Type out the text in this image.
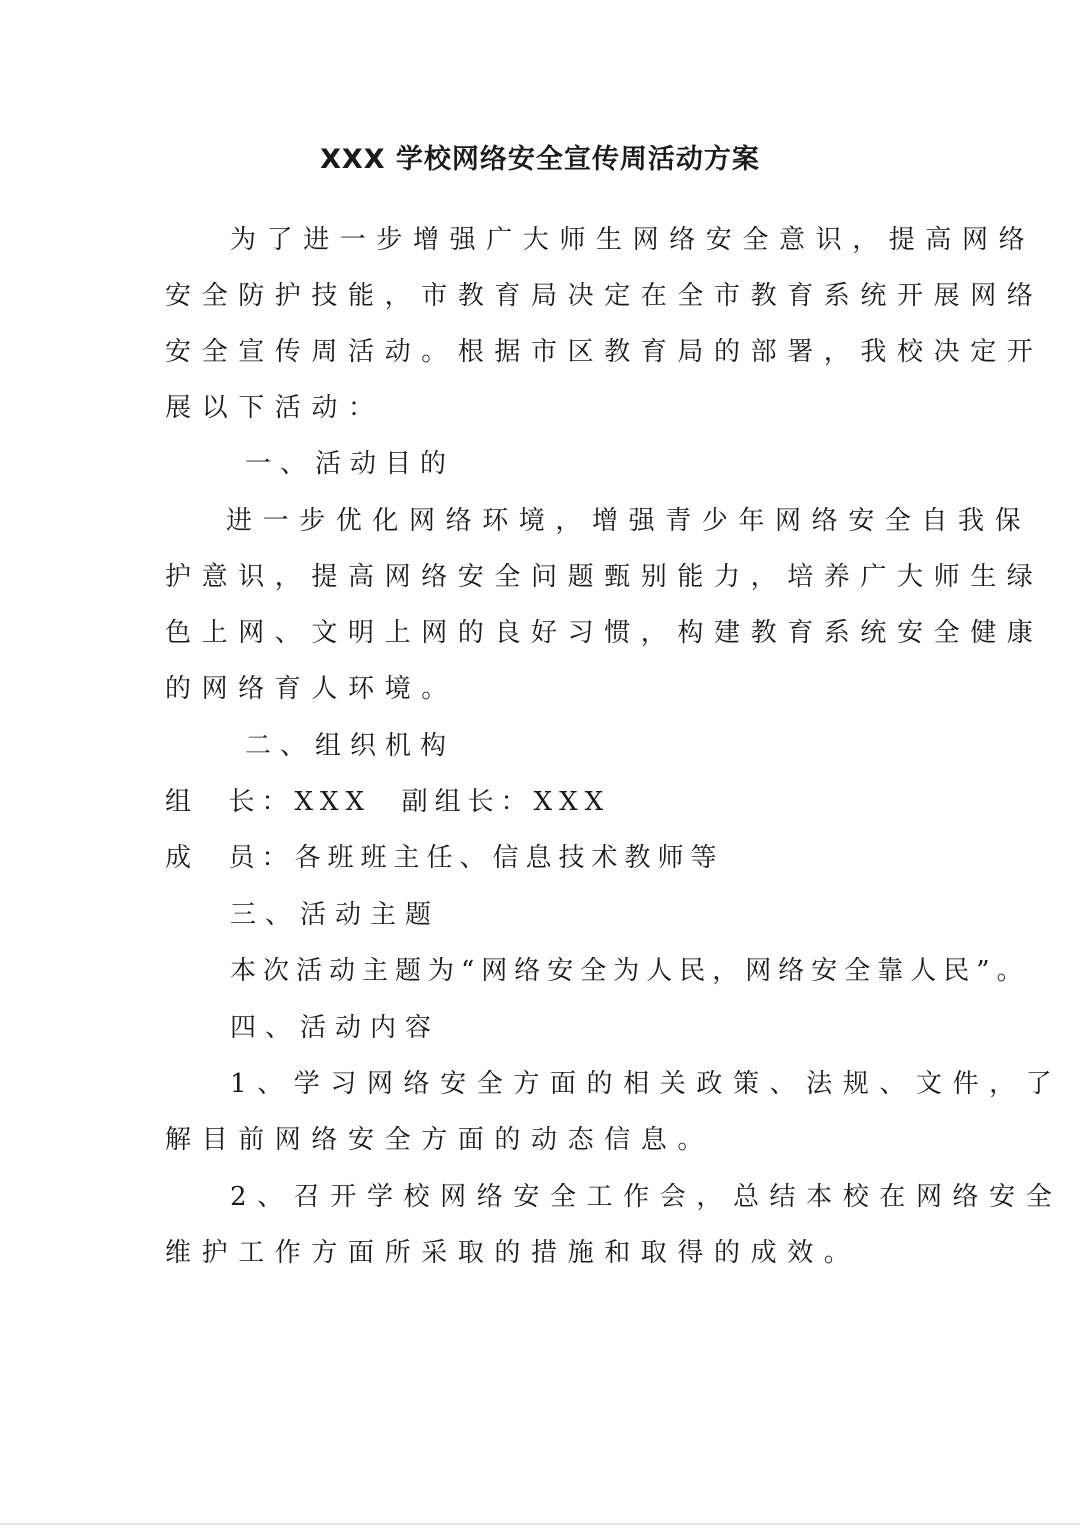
XXX 学校网络安全宣传周活动方案
为了进一步增强广大师生网络安全意识，提高网络
安全防护技能，市教育局决定在全市教育系统开展网络
安全宣传周活动。根据市区教育局的部署，我校决定开
展以下活动：
一、活动目的
进一步优化网络环境，增强青少年网络安全自我保
护意识，提高网络安全问题甄别能力，培养广大师生绿
色上网、文明上网的良好习惯，构建教育系统安全健康
的网络育人环境。
二、组织机构
组  长：XXX  副组长：XXX
成  员：各班班主任、信息技术教师等
三、活动主题
本次活动主题为“网络安全为人民，网络安全靠人民”。
四、活动内容
1、学习网络安全方面的相关政策、法规、文件，了
解目前网络安全方面的动态信息。
2、召开学校网络安全工作会，总结本校在网络安全
维护工作方面所采取的措施和取得的成效。
